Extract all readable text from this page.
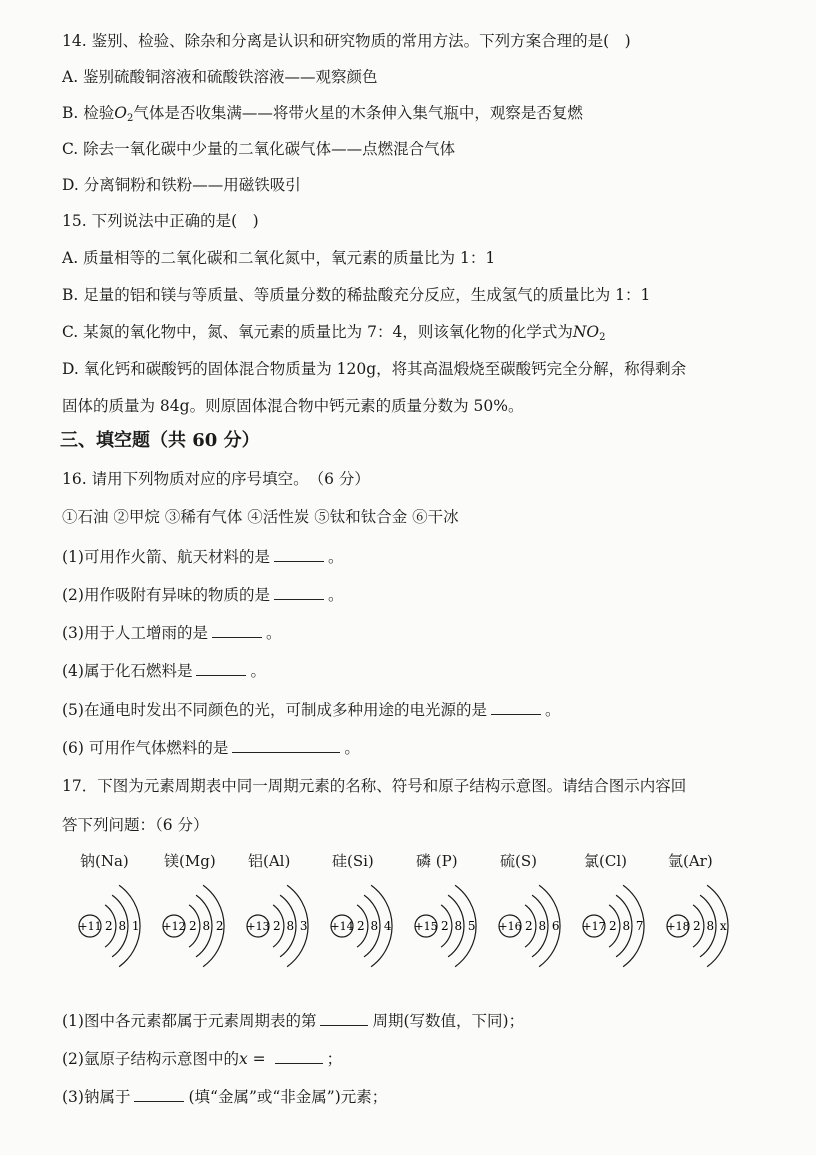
14. 鉴别、检验、除杂和分离是认识和研究物质的常用方法。下列方案合理的是(　)
A. 鉴别硫酸铜溶液和硫酸铁溶液——观察颜色
B. 检验$O_2$气体是否收集满——将带火星的木条伸入集气瓶中，观察是否复燃
C. 除去一氧化碳中少量的二氧化碳气体——点燃混合气体
D. 分离铜粉和铁粉——用磁铁吸引
15. 下列说法中正确的是(　)
A. 质量相等的二氧化碳和二氧化氮中，氧元素的质量比为 1：1
B. 足量的铝和镁与等质量、等质量分数的稀盐酸充分反应，生成氢气的质量比为 1：1
C. 某氮的氧化物中，氮、氧元素的质量比为 7：4，则该氧化物的化学式为$NO_2$
D. 氧化钙和碳酸钙的固体混合物质量为 120g，将其高温煅烧至碳酸钙完全分解，称得剩余
固体的质量为 84g。则原固体混合物中钙元素的质量分数为 50%。
三、填空题（共 60 分）
16. 请用下列物质对应的序号填空。　（6 分）
①石油 ②甲烷 ③稀有气体 ④活性炭 ⑤钛和钛合金 ⑥干冰
(1)可用作火箭、航天材料的是	。
(2)用作吸附有异味的物质的是	。
(3)用于人工增雨的是	。
(4)属于化石燃料是	。
(5)在通电时发出不同颜色的光，可制成多种用途的电光源的是	。
(6) 可用作气体燃料的是	。
17．下图为元素周期表中同一周期元素的名称、符号和原子结构示意图。请结合图示内容回
答下列问题：（6 分）
钠(Na)
+11 2 8 1
镁(Mg)
+12 2 8 2
铝(Al)
+13 2 8 3
硅(Si)
+14 2 8 4
磷 (P)
+15 2 8 5
硫(S)
+16 2 8 6
氯(Cl)
+17 2 8 7
氩(Ar)
+18 2 8 x
(1)图中各元素都属于元素周期表的第	周期(写数值，下同)；
(2)氩原子结构示意图中的x =	；
(3)钠属于	(填“金属”或“非金属”)元素；
